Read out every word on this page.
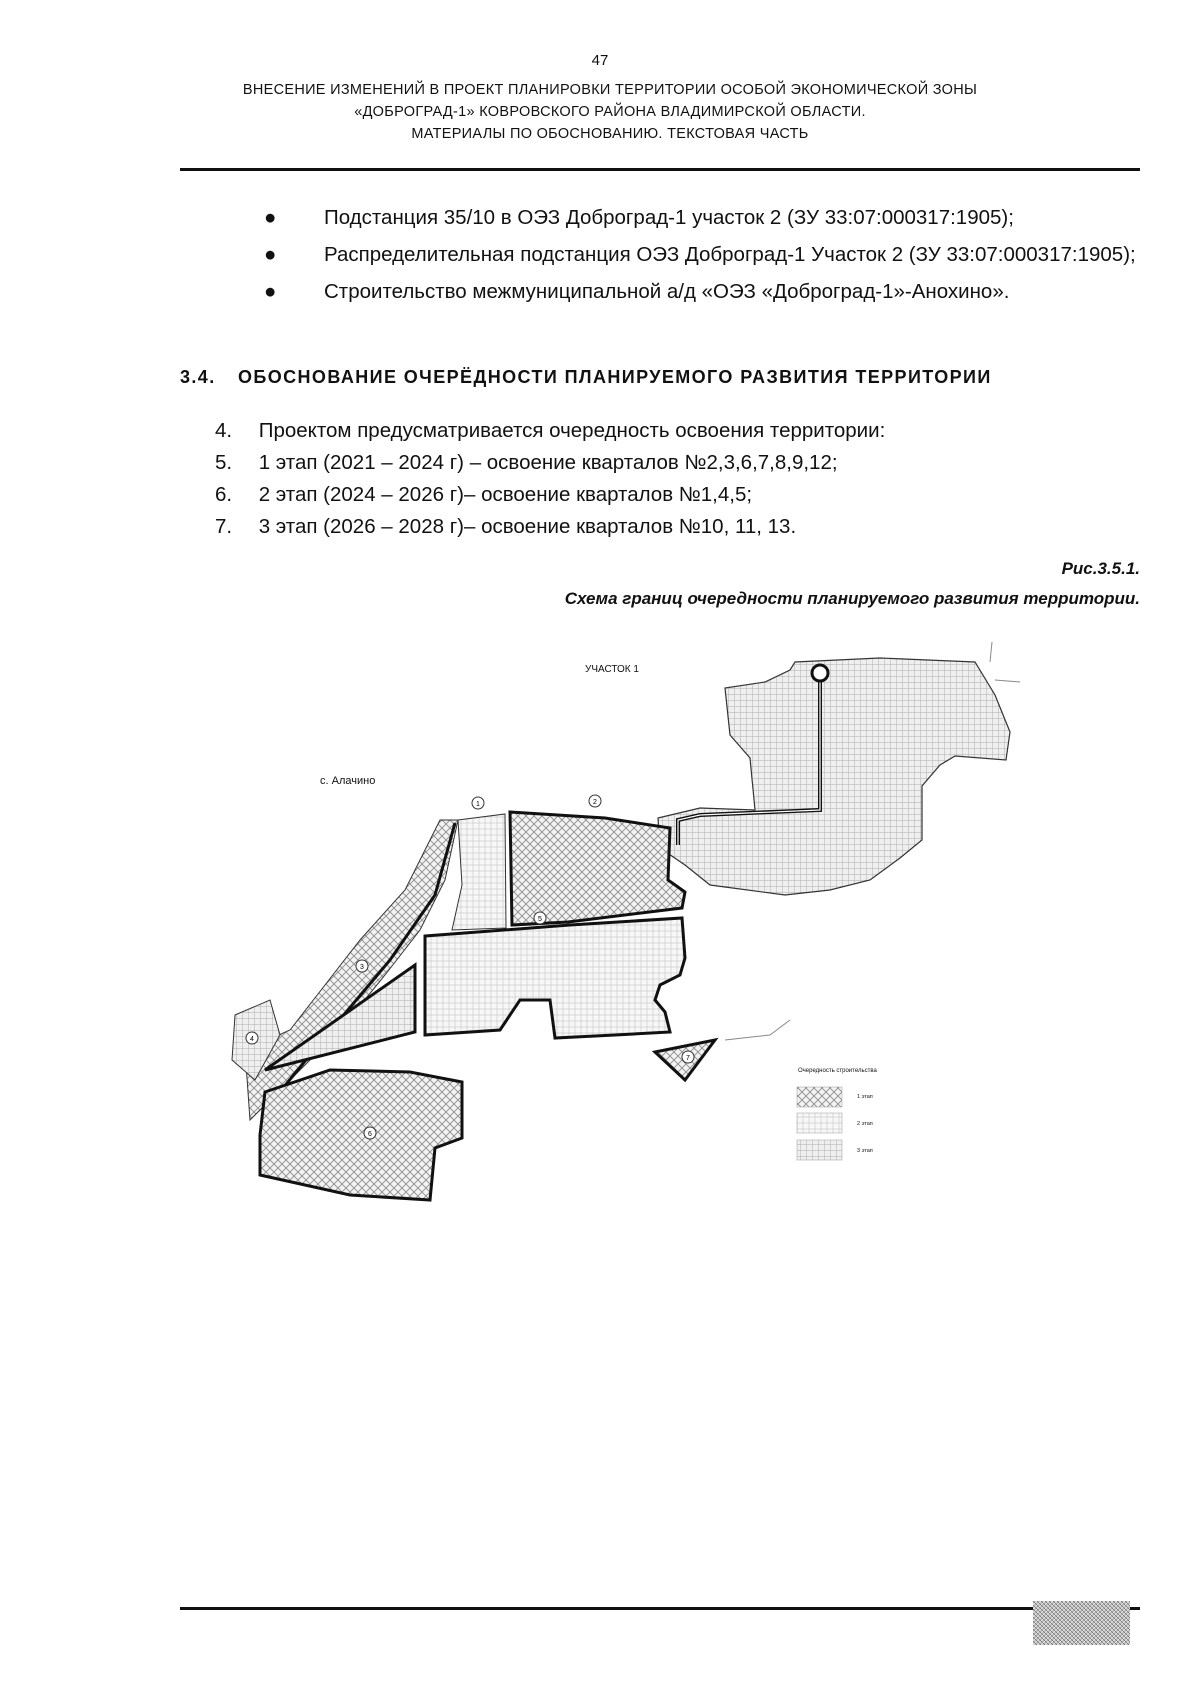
47
ВНЕСЕНИЕ ИЗМЕНЕНИЙ В ПРОЕКТ ПЛАНИРОВКИ ТЕРРИТОРИИ ОСОБОЙ ЭКОНОМИЧЕСКОЙ ЗОНЫ
«ДОБРОГРАД-1» КОВРОВСКОГО РАЙОНА ВЛАДИМИРСКОЙ ОБЛАСТИ.
МАТЕРИАЛЫ ПО ОБОСНОВАНИЮ. ТЕКСТОВАЯ ЧАСТЬ
● Подстанция 35/10 в ОЭЗ Доброград-1 участок 2 (ЗУ 33:07:000317:1905);
● Распределительная подстанция ОЭЗ Доброград-1 Участок 2 (ЗУ 33:07:000317:1905);
● Строительство межмуниципальной а/д «ОЭЗ «Доброград-1»-Анохино».
3.4. ОБОСНОВАНИЕ ОЧЕРЁДНОСТИ ПЛАНИРУЕМОГО РАЗВИТИЯ ТЕРРИТОРИИ
4. Проектом предусматривается очередность освоения территории:
5. 1 этап (2021 – 2024 г) – освоение кварталов №2,3,6,7,8,9,12;
6. 2 этап (2024 – 2026 г)– освоение кварталов №1,4,5;
7. 3 этап (2026 – 2028 г)– освоение кварталов №10, 11, 13.
Рис.3.5.1.
Схема границ очередности планируемого развития территории.
УЧАСТОК 1
с. Алачино
1	2
3
4
5
6
7
Очередность строительства
1 этап
2 этап
3 этап
